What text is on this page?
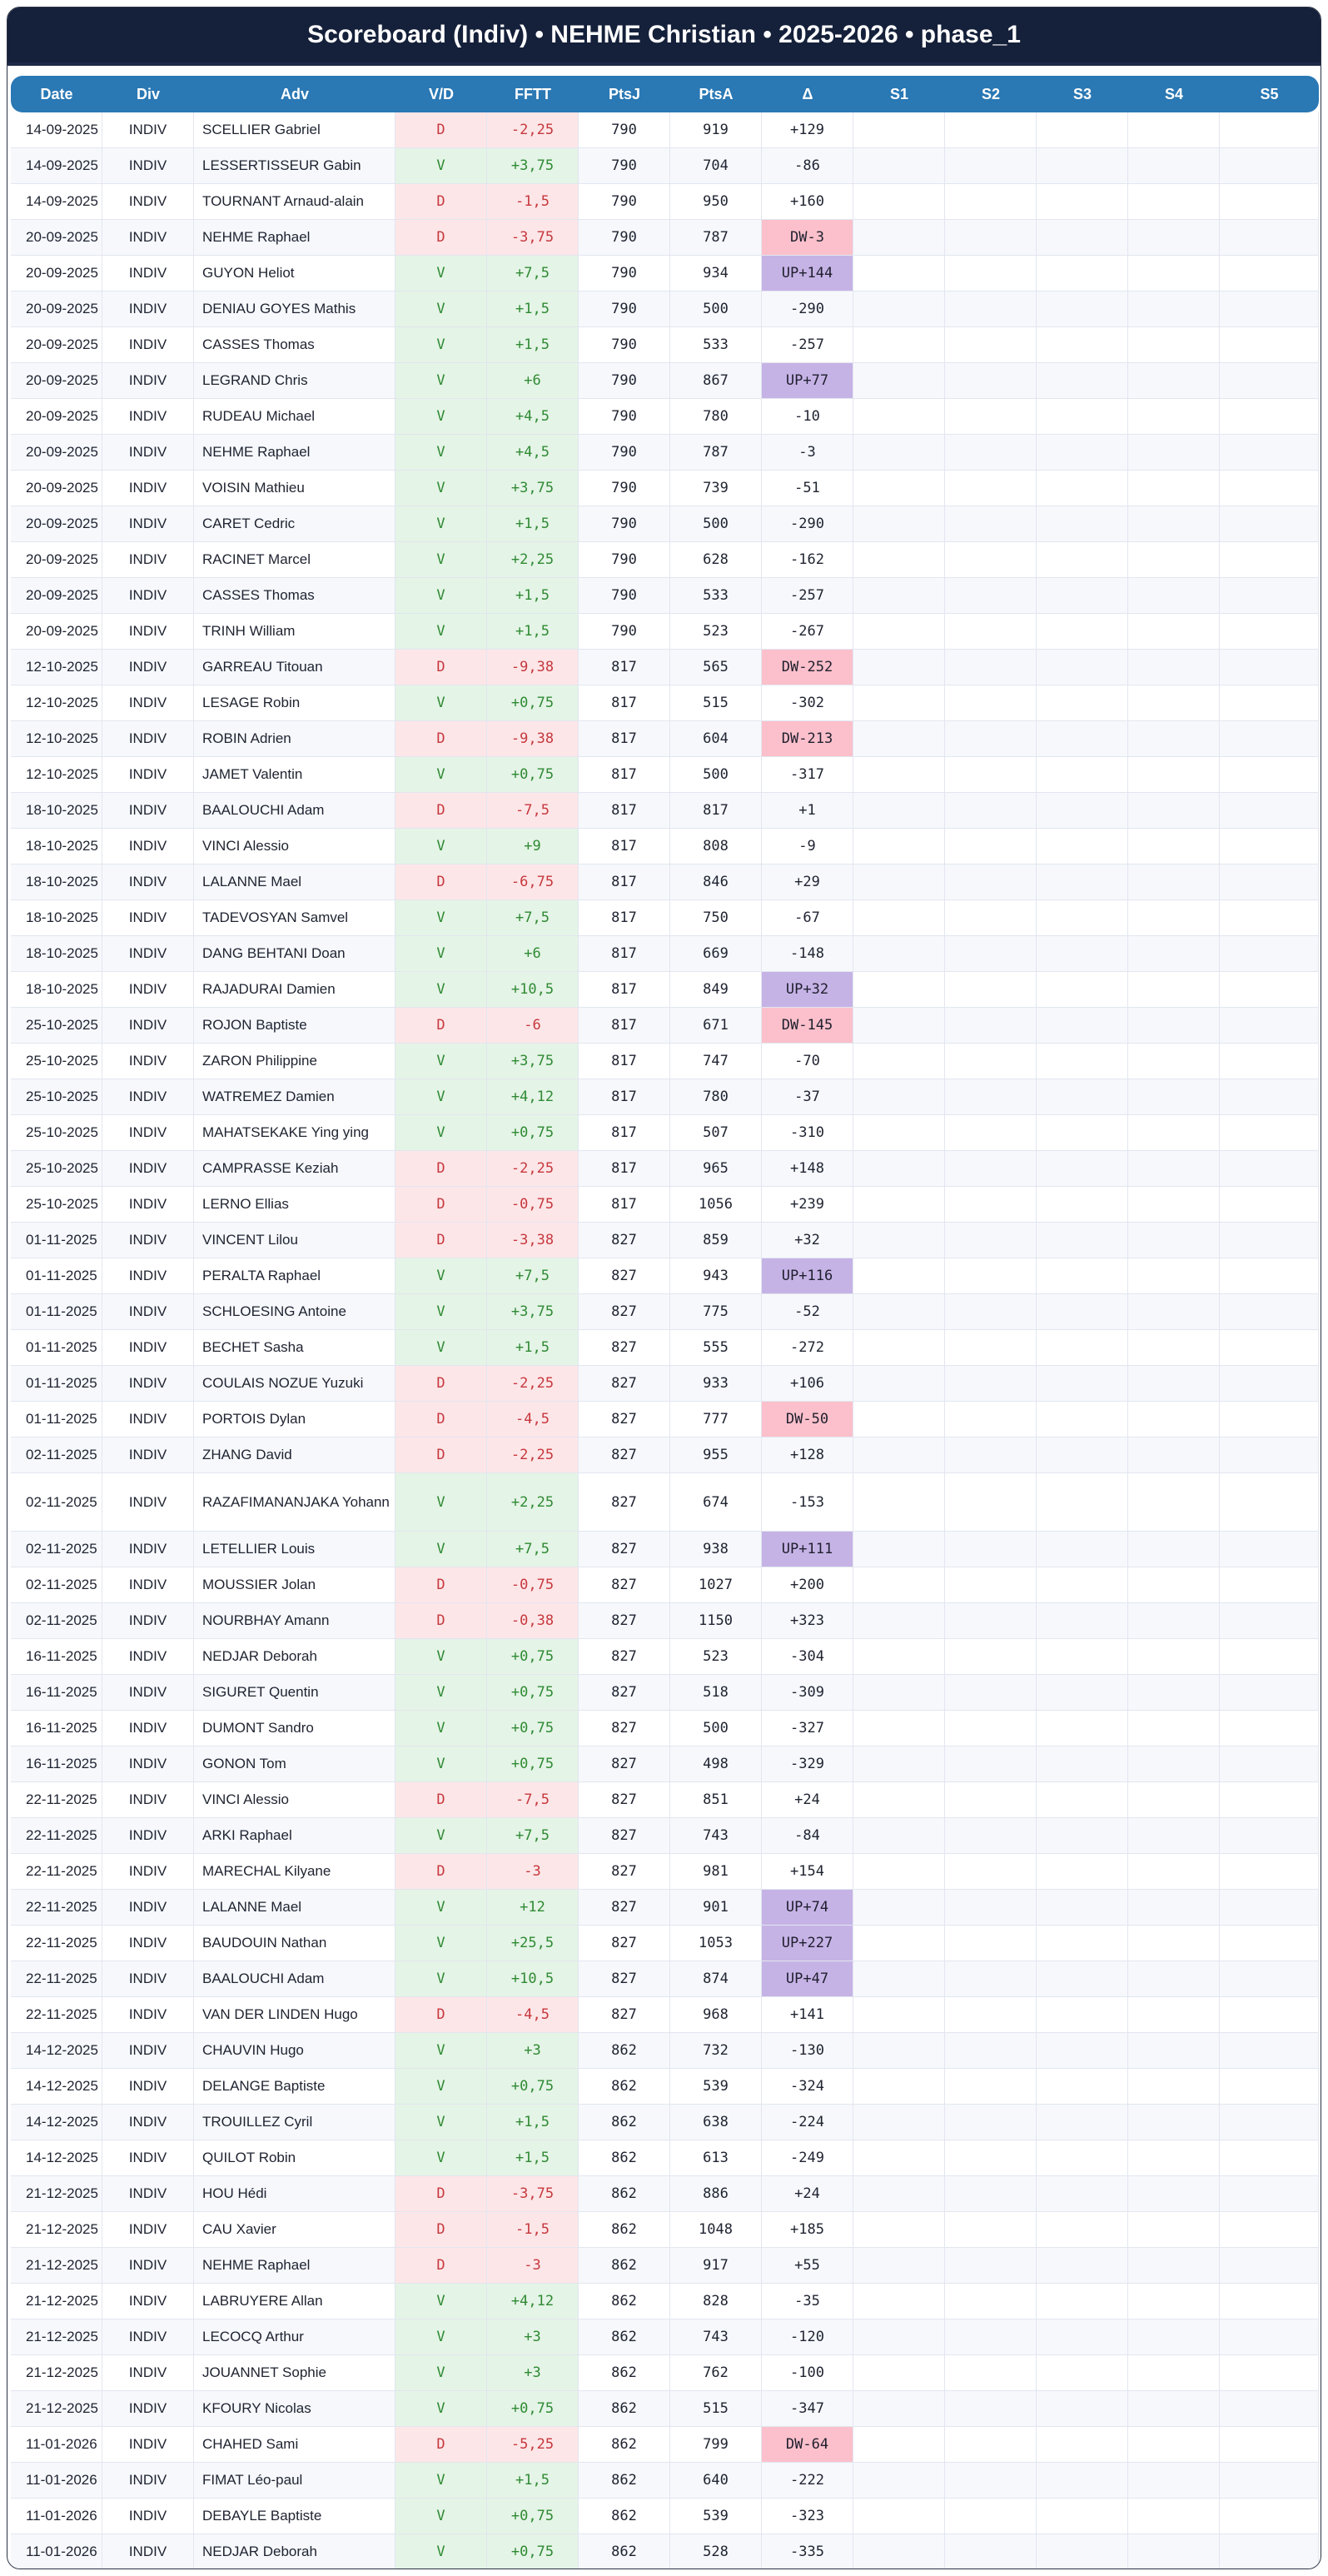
Scoreboard (Indiv) • NEHME Christian • 2025-2026 • phase_1
Date	Div	Adv	V/D	FFTT	PtsJ	PtsA	Δ	S1	S2	S3	S4	S5
14-09-2025	INDIV	SCELLIER Gabriel	D	-2,25	790	919	+129
14-09-2025	INDIV	LESSERTISSEUR Gabin	V	+3,75	790	704	-86
14-09-2025	INDIV	TOURNANT Arnaud-alain	D	-1,5	790	950	+160
20-09-2025	INDIV	NEHME Raphael	D	-3,75	790	787	DW-3
20-09-2025	INDIV	GUYON Heliot	V	+7,5	790	934	UP+144
20-09-2025	INDIV	DENIAU GOYES Mathis	V	+1,5	790	500	-290
20-09-2025	INDIV	CASSES Thomas	V	+1,5	790	533	-257
20-09-2025	INDIV	LEGRAND Chris	V	+6	790	867	UP+77
20-09-2025	INDIV	RUDEAU Michael	V	+4,5	790	780	-10
20-09-2025	INDIV	NEHME Raphael	V	+4,5	790	787	-3
20-09-2025	INDIV	VOISIN Mathieu	V	+3,75	790	739	-51
20-09-2025	INDIV	CARET Cedric	V	+1,5	790	500	-290
20-09-2025	INDIV	RACINET Marcel	V	+2,25	790	628	-162
20-09-2025	INDIV	CASSES Thomas	V	+1,5	790	533	-257
20-09-2025	INDIV	TRINH William	V	+1,5	790	523	-267
12-10-2025	INDIV	GARREAU Titouan	D	-9,38	817	565	DW-252
12-10-2025	INDIV	LESAGE Robin	V	+0,75	817	515	-302
12-10-2025	INDIV	ROBIN Adrien	D	-9,38	817	604	DW-213
12-10-2025	INDIV	JAMET Valentin	V	+0,75	817	500	-317
18-10-2025	INDIV	BAALOUCHI Adam	D	-7,5	817	817	+1
18-10-2025	INDIV	VINCI Alessio	V	+9	817	808	-9
18-10-2025	INDIV	LALANNE Mael	D	-6,75	817	846	+29
18-10-2025	INDIV	TADEVOSYAN Samvel	V	+7,5	817	750	-67
18-10-2025	INDIV	DANG BEHTANI Doan	V	+6	817	669	-148
18-10-2025	INDIV	RAJADURAI Damien	V	+10,5	817	849	UP+32
25-10-2025	INDIV	ROJON Baptiste	D	-6	817	671	DW-145
25-10-2025	INDIV	ZARON Philippine	V	+3,75	817	747	-70
25-10-2025	INDIV	WATREMEZ Damien	V	+4,12	817	780	-37
25-10-2025	INDIV	MAHATSEKAKE Ying ying	V	+0,75	817	507	-310
25-10-2025	INDIV	CAMPRASSE Keziah	D	-2,25	817	965	+148
25-10-2025	INDIV	LERNO Ellias	D	-0,75	817	1056	+239
01-11-2025	INDIV	VINCENT Lilou	D	-3,38	827	859	+32
01-11-2025	INDIV	PERALTA Raphael	V	+7,5	827	943	UP+116
01-11-2025	INDIV	SCHLOESING Antoine	V	+3,75	827	775	-52
01-11-2025	INDIV	BECHET Sasha	V	+1,5	827	555	-272
01-11-2025	INDIV	COULAIS NOZUE Yuzuki	D	-2,25	827	933	+106
01-11-2025	INDIV	PORTOIS Dylan	D	-4,5	827	777	DW-50
02-11-2025	INDIV	ZHANG David	D	-2,25	827	955	+128
02-11-2025	INDIV	RAZAFIMANANJAKA Yohann	V	+2,25	827	674	-153
02-11-2025	INDIV	LETELLIER Louis	V	+7,5	827	938	UP+111
02-11-2025	INDIV	MOUSSIER Jolan	D	-0,75	827	1027	+200
02-11-2025	INDIV	NOURBHAY Amann	D	-0,38	827	1150	+323
16-11-2025	INDIV	NEDJAR Deborah	V	+0,75	827	523	-304
16-11-2025	INDIV	SIGURET Quentin	V	+0,75	827	518	-309
16-11-2025	INDIV	DUMONT Sandro	V	+0,75	827	500	-327
16-11-2025	INDIV	GONON Tom	V	+0,75	827	498	-329
22-11-2025	INDIV	VINCI Alessio	D	-7,5	827	851	+24
22-11-2025	INDIV	ARKI Raphael	V	+7,5	827	743	-84
22-11-2025	INDIV	MARECHAL Kilyane	D	-3	827	981	+154
22-11-2025	INDIV	LALANNE Mael	V	+12	827	901	UP+74
22-11-2025	INDIV	BAUDOUIN Nathan	V	+25,5	827	1053	UP+227
22-11-2025	INDIV	BAALOUCHI Adam	V	+10,5	827	874	UP+47
22-11-2025	INDIV	VAN DER LINDEN Hugo	D	-4,5	827	968	+141
14-12-2025	INDIV	CHAUVIN Hugo	V	+3	862	732	-130
14-12-2025	INDIV	DELANGE Baptiste	V	+0,75	862	539	-324
14-12-2025	INDIV	TROUILLEZ Cyril	V	+1,5	862	638	-224
14-12-2025	INDIV	QUILOT Robin	V	+1,5	862	613	-249
21-12-2025	INDIV	HOU Hédi	D	-3,75	862	886	+24
21-12-2025	INDIV	CAU Xavier	D	-1,5	862	1048	+185
21-12-2025	INDIV	NEHME Raphael	D	-3	862	917	+55
21-12-2025	INDIV	LABRUYERE Allan	V	+4,12	862	828	-35
21-12-2025	INDIV	LECOCQ Arthur	V	+3	862	743	-120
21-12-2025	INDIV	JOUANNET Sophie	V	+3	862	762	-100
21-12-2025	INDIV	KFOURY Nicolas	V	+0,75	862	515	-347
11-01-2026	INDIV	CHAHED Sami	D	-5,25	862	799	DW-64
11-01-2026	INDIV	FIMAT Léo-paul	V	+1,5	862	640	-222
11-01-2026	INDIV	DEBAYLE Baptiste	V	+0,75	862	539	-323
11-01-2026	INDIV	NEDJAR Deborah	V	+0,75	862	528	-335
